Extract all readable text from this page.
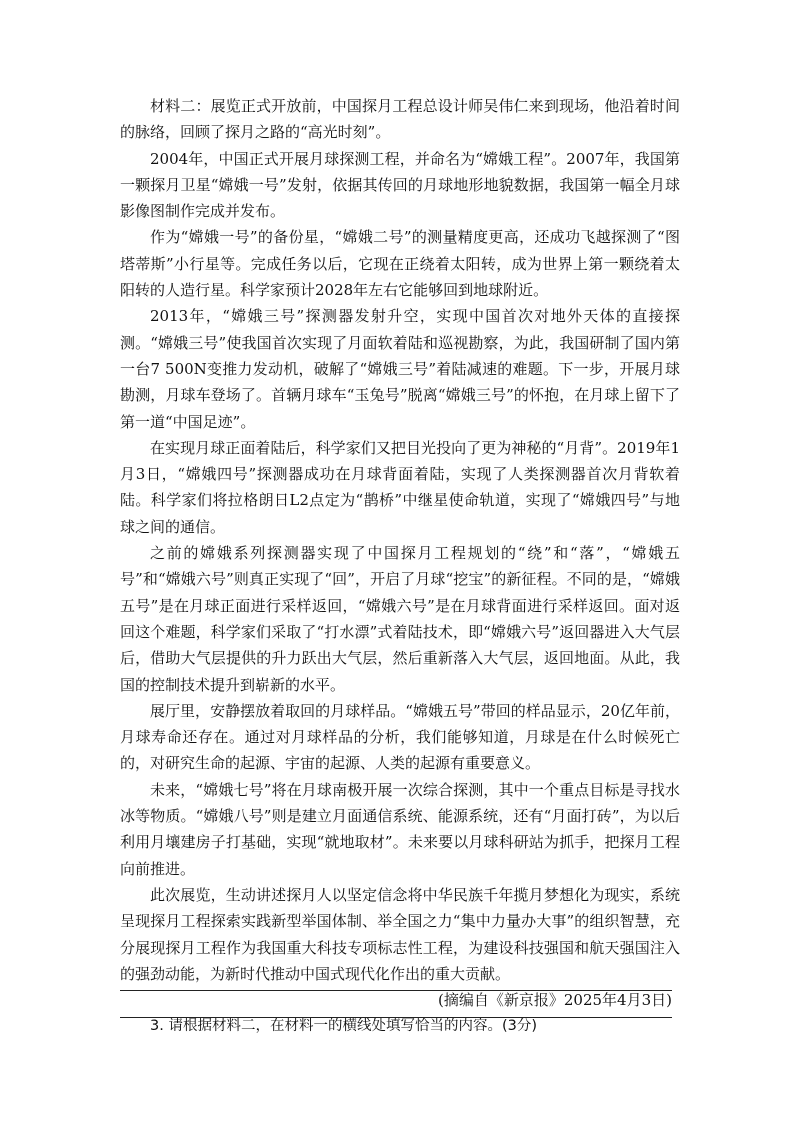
材料二：展览正式开放前，中国探月工程总设计师吴伟仁来到现场，他沿着时间的脉络，回顾了探月之路的“高光时刻”。

2004年，中国正式开展月球探测工程，并命名为“嫦娥工程”。2007年，我国第一颗探月卫星“嫦娥一号”发射，依据其传回的月球地形地貌数据，我国第一幅全月球影像图制作完成并发布。

作为“嫦娥一号”的备份星，“嫦娥二号”的测量精度更高，还成功飞越探测了“图塔蒂斯”小行星等。完成任务以后，它现在正绕着太阳转，成为世界上第一颗绕着太阳转的人造行星。科学家预计2028年左右它能够回到地球附近。

2013年，“嫦娥三号”探测器发射升空，实现中国首次对地外天体的直接探测。“嫦娥三号”使我国首次实现了月面软着陆和巡视勘察，为此，我国研制了国内第一台7 500N变推力发动机，破解了“嫦娥三号”着陆减速的难题。下一步，开展月球勘测，月球车登场了。首辆月球车“玉兔号”脱离“嫦娥三号”的怀抱，在月球上留下了第一道“中国足迹”。

在实现月球正面着陆后，科学家们又把目光投向了更为神秘的“月背”。2019年1月3日，“嫦娥四号”探测器成功在月球背面着陆，实现了人类探测器首次月背软着陆。科学家们将拉格朗日L2点定为“鹊桥”中继星使命轨道，实现了“嫦娥四号”与地球之间的通信。

之前的嫦娥系列探测器实现了中国探月工程规划的“绕”和“落”，“嫦娥五号”和“嫦娥六号”则真正实现了“回”，开启了月球“挖宝”的新征程。不同的是，“嫦娥五号”是在月球正面进行采样返回，“嫦娥六号”是在月球背面进行采样返回。面对返回这个难题，科学家们采取了“打水漂”式着陆技术，即“嫦娥六号”返回器进入大气层后，借助大气层提供的升力跃出大气层，然后重新落入大气层，返回地面。从此，我国的控制技术提升到崭新的水平。

展厅里，安静摆放着取回的月球样品。“嫦娥五号”带回的样品显示，20亿年前，月球寿命还存在。通过对月球样品的分析，我们能够知道，月球是在什么时候死亡的，对研究生命的起源、宇宙的起源、人类的起源有重要意义。

未来，“嫦娥七号”将在月球南极开展一次综合探测，其中一个重点目标是寻找水冰等物质。“嫦娥八号”则是建立月面通信系统、能源系统，还有“月面打砖”，为以后利用月壤建房子打基础，实现“就地取材”。未来要以月球科研站为抓手，把探月工程向前推进。

此次展览，生动讲述探月人以坚定信念将中华民族千年揽月梦想化为现实，系统呈现探月工程探索实践新型举国体制、举全国之力“集中力量办大事”的组织智慧，充分展现探月工程作为我国重大科技专项标志性工程，为建设科技强国和航天强国注入的强劲动能，为新时代推动中国式现代化作出的重大贡献。

(摘编自《新京报》2025年4月3日)

3. 请根据材料二，在材料一的横线处填写恰当的内容。(3分)
